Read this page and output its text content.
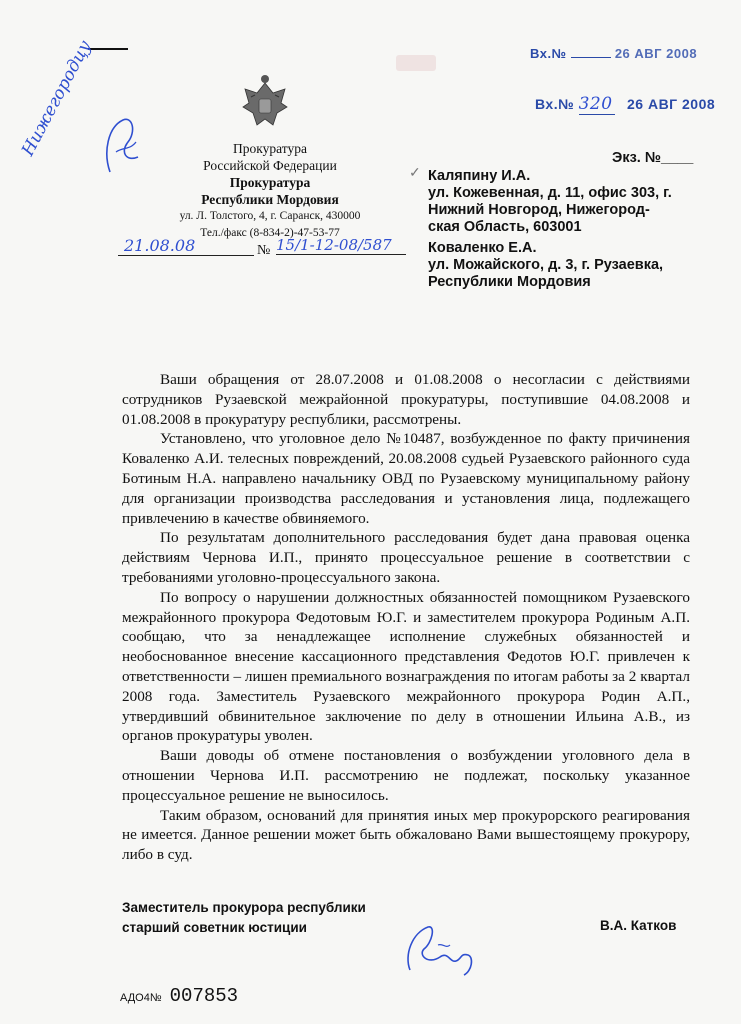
✓
Вх.№	26 АВГ 2008
Вх.№ 320 26 АВГ 2008
Нижегородцу	Прокуратура
Российской Федерации
Прокуратура
Республики Мордовия
ул. Л. Толстого, 4, г. Саранск, 430000
Тел./факс (8-834-2)-47-53-77
21.08.08	№ 15/1-12-08/587
Экз. №____
Каляпину И.А.
ул. Кожевенная, д. 11, офис 303, г.
Нижний Новгород, Нижегород-
ская Область, 603001
Коваленко Е.А.
ул. Можайского, д. 3, г. Рузаевка,
Республики Мордовия

Ваши обращения от 28.07.2008 и 01.08.2008 о несогласии с действиями сотрудников Рузаевской межрайонной прокуратуры, поступившие 04.08.2008 и 01.08.2008 в прокуратуру республики, рассмотрены.

Установлено, что уголовное дело №10487, возбужденное по факту причинения Коваленко А.И. телесных повреждений, 20.08.2008 судьей Рузаевского районного суда Ботиным Н.А. направлено начальнику ОВД по Рузаевскому муниципальному району для организации производства расследования и установления лица, подлежащего привлечению в качестве обвиняемого.

По результатам дополнительного расследования будет дана правовая оценка действиям Чернова И.П., принято процессуальное решение в соответствии с требованиями уголовно-процессуального закона.

По вопросу о нарушении должностных обязанностей помощником Рузаевского межрайонного прокурора Федотовым Ю.Г. и заместителем прокурора Родиным А.П. сообщаю, что за ненадлежащее исполнение служебных обязанностей и необоснованное внесение кассационного представления Федотов Ю.Г. привлечен к ответственности – лишен премиального вознаграждения по итогам работы за 2 квартал 2008 года. Заместитель Рузаевского межрайонного прокурора Родин А.П., утвердивший обвинительное заключение по делу в отношении Ильина А.В., из органов прокуратуры уволен.

Ваши доводы об отмене постановления о возбуждении уголовного дела в отношении Чернова И.П. рассмотрению не подлежат, поскольку указанное процессуальное решение не выносилось.

Таким образом, оснований для принятия иных мер прокурорского реагирования не имеется. Данное решении может быть обжаловано Вами вышестоящему прокурору, либо в суд.

Заместитель прокурора республики
старший советник юстиции	В.А. Катков
АДО4№ 007853
